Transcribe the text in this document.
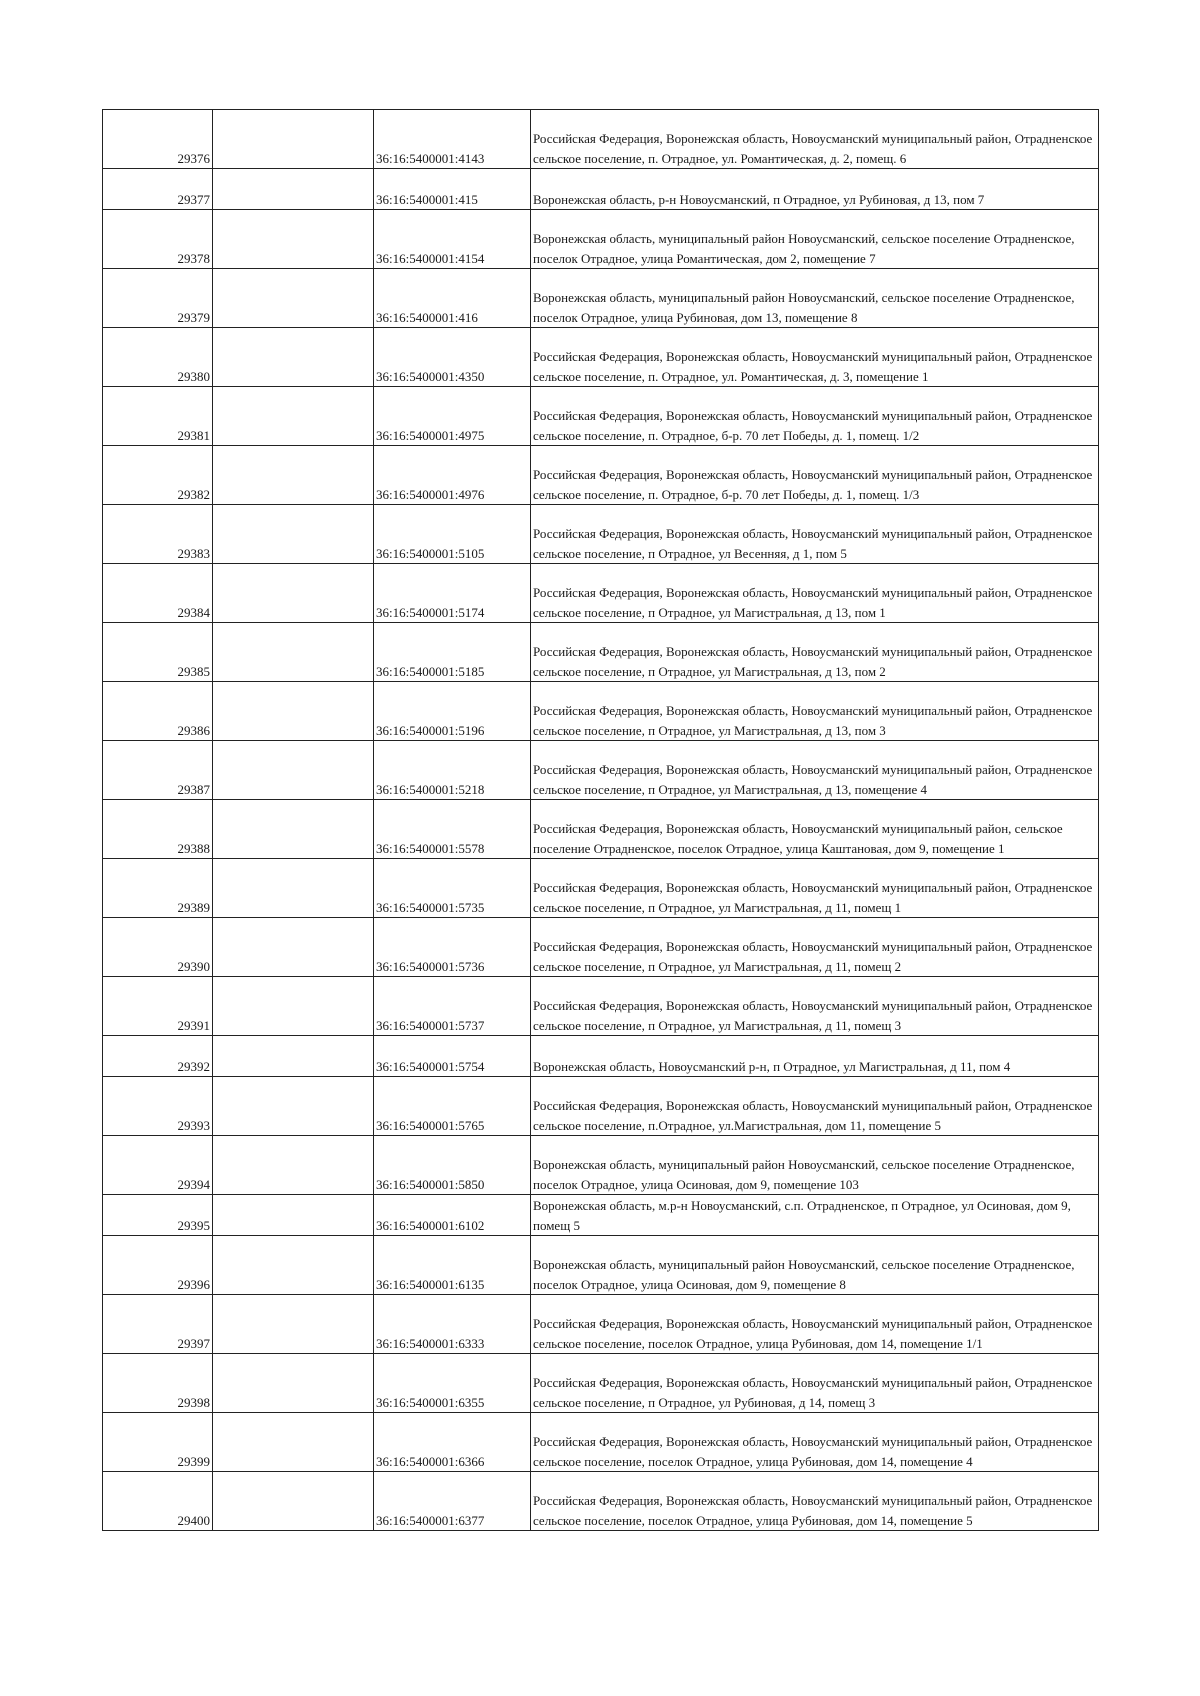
29376		36:16:5400001:4143	Российская Федерация, Воронежская область, Новоусманский муниципальный район, Отрадненское сельское поселение, п. Отрадное, ул. Романтическая, д. 2, помещ. 6
29377		36:16:5400001:415	Воронежская область, р-н Новоусманский, п Отрадное, ул Рубиновая, д 13, пом 7
29378		36:16:5400001:4154	Воронежская область, муниципальный район Новоусманский, сельское поселение Отрадненское, поселок Отрадное, улица Романтическая, дом 2, помещение 7
29379		36:16:5400001:416	Воронежская область, муниципальный район Новоусманский, сельское поселение Отрадненское, поселок Отрадное, улица Рубиновая, дом 13, помещение 8
29380		36:16:5400001:4350	Российская Федерация, Воронежская область, Новоусманский муниципальный район, Отрадненское сельское поселение, п. Отрадное, ул. Романтическая, д. 3, помещение 1
29381		36:16:5400001:4975	Российская Федерация, Воронежская область, Новоусманский муниципальный район, Отрадненское сельское поселение, п. Отрадное, б-р. 70 лет Победы, д. 1, помещ. 1/2
29382		36:16:5400001:4976	Российская Федерация, Воронежская область, Новоусманский муниципальный район, Отрадненское сельское поселение, п. Отрадное, б-р. 70 лет Победы, д. 1, помещ. 1/3
29383		36:16:5400001:5105	Российская Федерация, Воронежская область, Новоусманский муниципальный район, Отрадненское сельское поселение, п Отрадное, ул Весенняя, д 1, пом 5
29384		36:16:5400001:5174	Российская Федерация, Воронежская область, Новоусманский муниципальный район, Отрадненское сельское поселение, п Отрадное, ул Магистральная, д 13, пом 1
29385		36:16:5400001:5185	Российская Федерация, Воронежская область, Новоусманский муниципальный район, Отрадненское сельское поселение, п Отрадное, ул Магистральная, д 13, пом 2
29386		36:16:5400001:5196	Российская Федерация, Воронежская область, Новоусманский муниципальный район, Отрадненское сельское поселение, п Отрадное, ул Магистральная, д 13, пом 3
29387		36:16:5400001:5218	Российская Федерация, Воронежская область, Новоусманский муниципальный район, Отрадненское сельское поселение, п Отрадное, ул Магистральная, д 13, помещение 4
29388		36:16:5400001:5578	Российская Федерация, Воронежская область, Новоусманский муниципальный район, сельское поселение Отрадненское, поселок Отрадное, улица Каштановая, дом 9, помещение 1
29389		36:16:5400001:5735	Российская Федерация, Воронежская область, Новоусманский муниципальный район, Отрадненское сельское поселение, п Отрадное, ул Магистральная, д 11, помещ 1
29390		36:16:5400001:5736	Российская Федерация, Воронежская область, Новоусманский муниципальный район, Отрадненское сельское поселение, п Отрадное, ул Магистральная, д 11, помещ 2
29391		36:16:5400001:5737	Российская Федерация, Воронежская область, Новоусманский муниципальный район, Отрадненское сельское поселение, п Отрадное, ул Магистральная, д 11, помещ 3
29392		36:16:5400001:5754	Воронежская область, Новоусманский р-н, п Отрадное, ул Магистральная, д 11, пом 4
29393		36:16:5400001:5765	Российская Федерация, Воронежская область, Новоусманский муниципальный район, Отрадненское сельское поселение, п.Отрадное, ул.Магистральная, дом 11, помещение 5
29394		36:16:5400001:5850	Воронежская область, муниципальный район Новоусманский, сельское поселение Отрадненское, поселок Отрадное, улица Осиновая, дом 9, помещение 103
29395		36:16:5400001:6102	Воронежская область, м.р-н Новоусманский, с.п. Отрадненское, п Отрадное, ул Осиновая, дом 9, помещ 5
29396		36:16:5400001:6135	Воронежская область, муниципальный район Новоусманский, сельское поселение Отрадненское, поселок Отрадное, улица Осиновая, дом 9, помещение 8
29397		36:16:5400001:6333	Российская Федерация, Воронежская область, Новоусманский муниципальный район, Отрадненское сельское поселение, поселок Отрадное, улица Рубиновая, дом 14, помещение 1/1
29398		36:16:5400001:6355	Российская Федерация, Воронежская область, Новоусманский муниципальный район, Отрадненское сельское поселение, п Отрадное, ул Рубиновая, д 14, помещ 3
29399		36:16:5400001:6366	Российская Федерация, Воронежская область, Новоусманский муниципальный район, Отрадненское сельское поселение, поселок Отрадное, улица Рубиновая, дом 14, помещение 4
29400		36:16:5400001:6377	Российская Федерация, Воронежская область, Новоусманский муниципальный район, Отрадненское сельское поселение, поселок Отрадное, улица Рубиновая, дом 14, помещение 5
